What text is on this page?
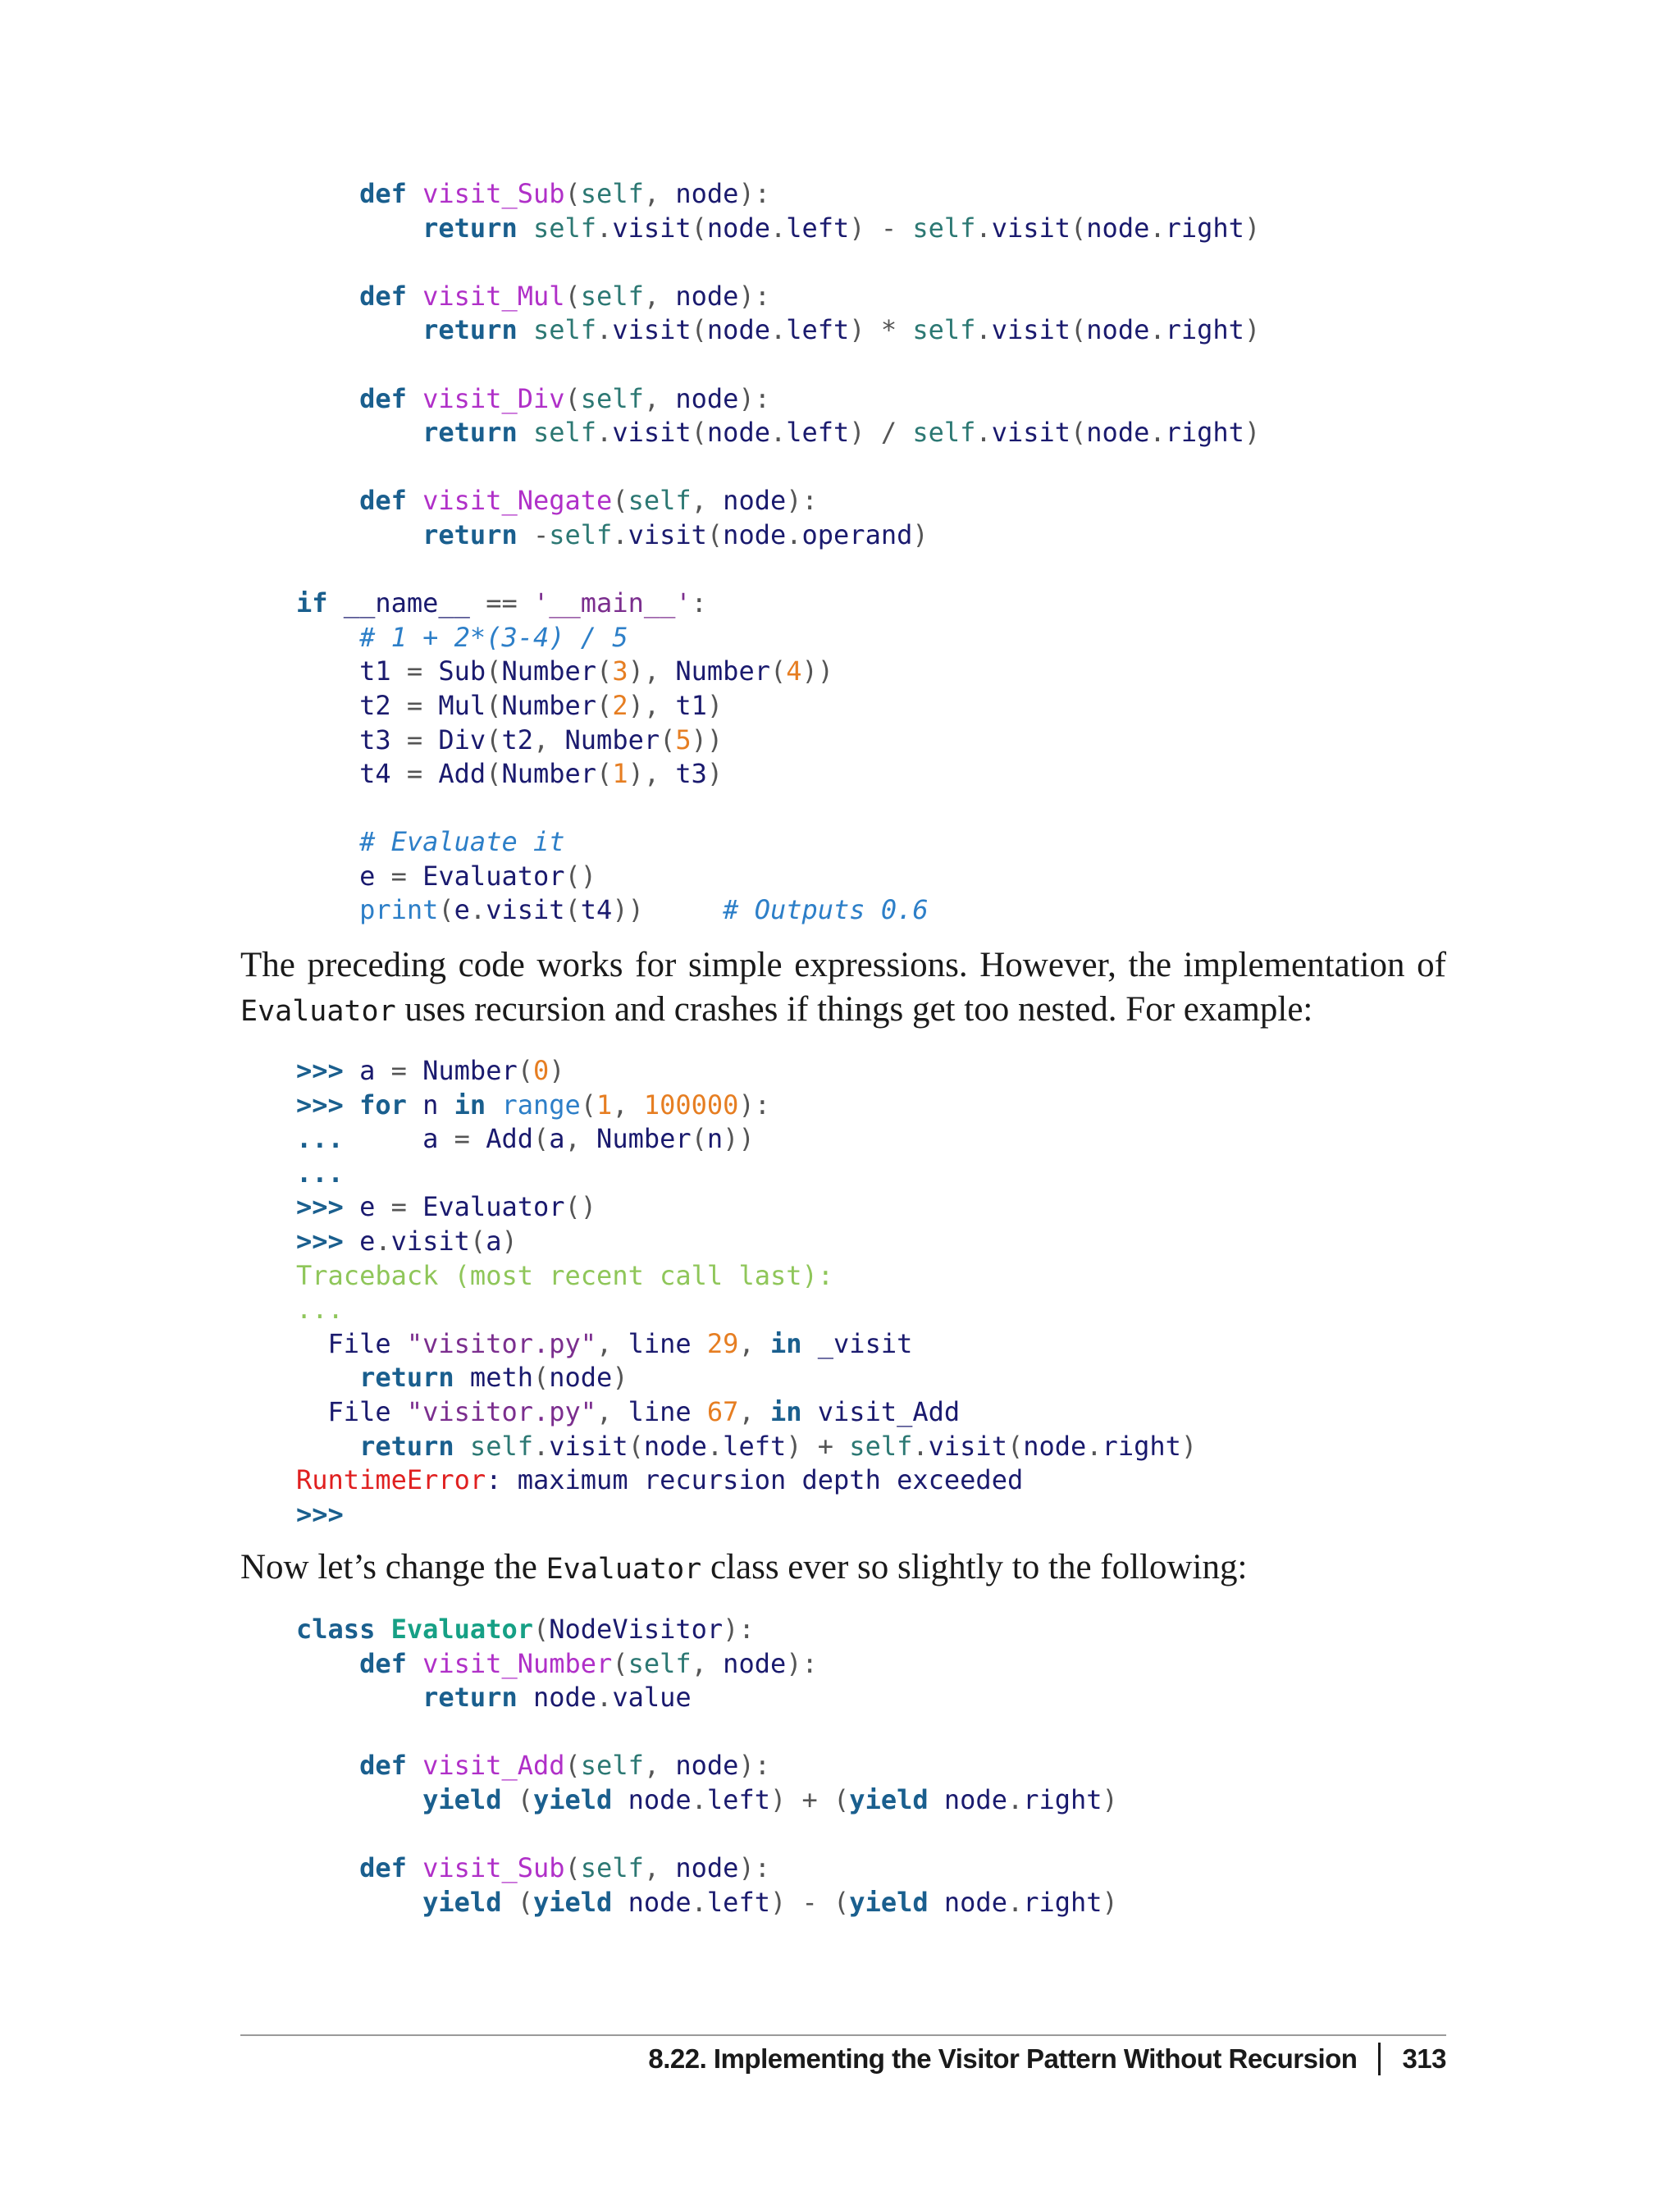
def visit_Sub(self, node):
return self.visit(node.left) - self.visit(node.right)
def visit_Mul(self, node):
return self.visit(node.left) * self.visit(node.right)
def visit_Div(self, node):
return self.visit(node.left) / self.visit(node.right)
def visit_Negate(self, node):
return -self.visit(node.operand)
if __name__ == '__main__':
# 1 + 2*(3-4) / 5
t1 = Sub(Number(3), Number(4))
t2 = Mul(Number(2), t1)
t3 = Div(t2, Number(5))
t4 = Add(Number(1), t3)
# Evaluate it
e = Evaluator()
print(e.visit(t4))	# Outputs 0.6

The preceding code works for simple expressions. However, the implementation of Evaluator uses recursion and crashes if things get too nested. For example:

>>> a = Number(0)
>>> for n in range(1, 100000):
...     a = Add(a, Number(n))
...
>>> e = Evaluator()
>>> e.visit(a)
Traceback (most recent call last):
...
File "visitor.py", line 29, in _visit
return meth(node)
File "visitor.py", line 67, in visit_Add
return self.visit(node.left) + self.visit(node.right)
RuntimeError: maximum recursion depth exceeded
>>>

Now let’s change the Evaluator class ever so slightly to the following:

class Evaluator(NodeVisitor):
def visit_Number(self, node):
return node.value
def visit_Add(self, node):
yield (yield node.left) + (yield node.right)
def visit_Sub(self, node):
yield (yield node.left) - (yield node.right)
8.22. Implementing the Visitor Pattern Without Recursion 313
